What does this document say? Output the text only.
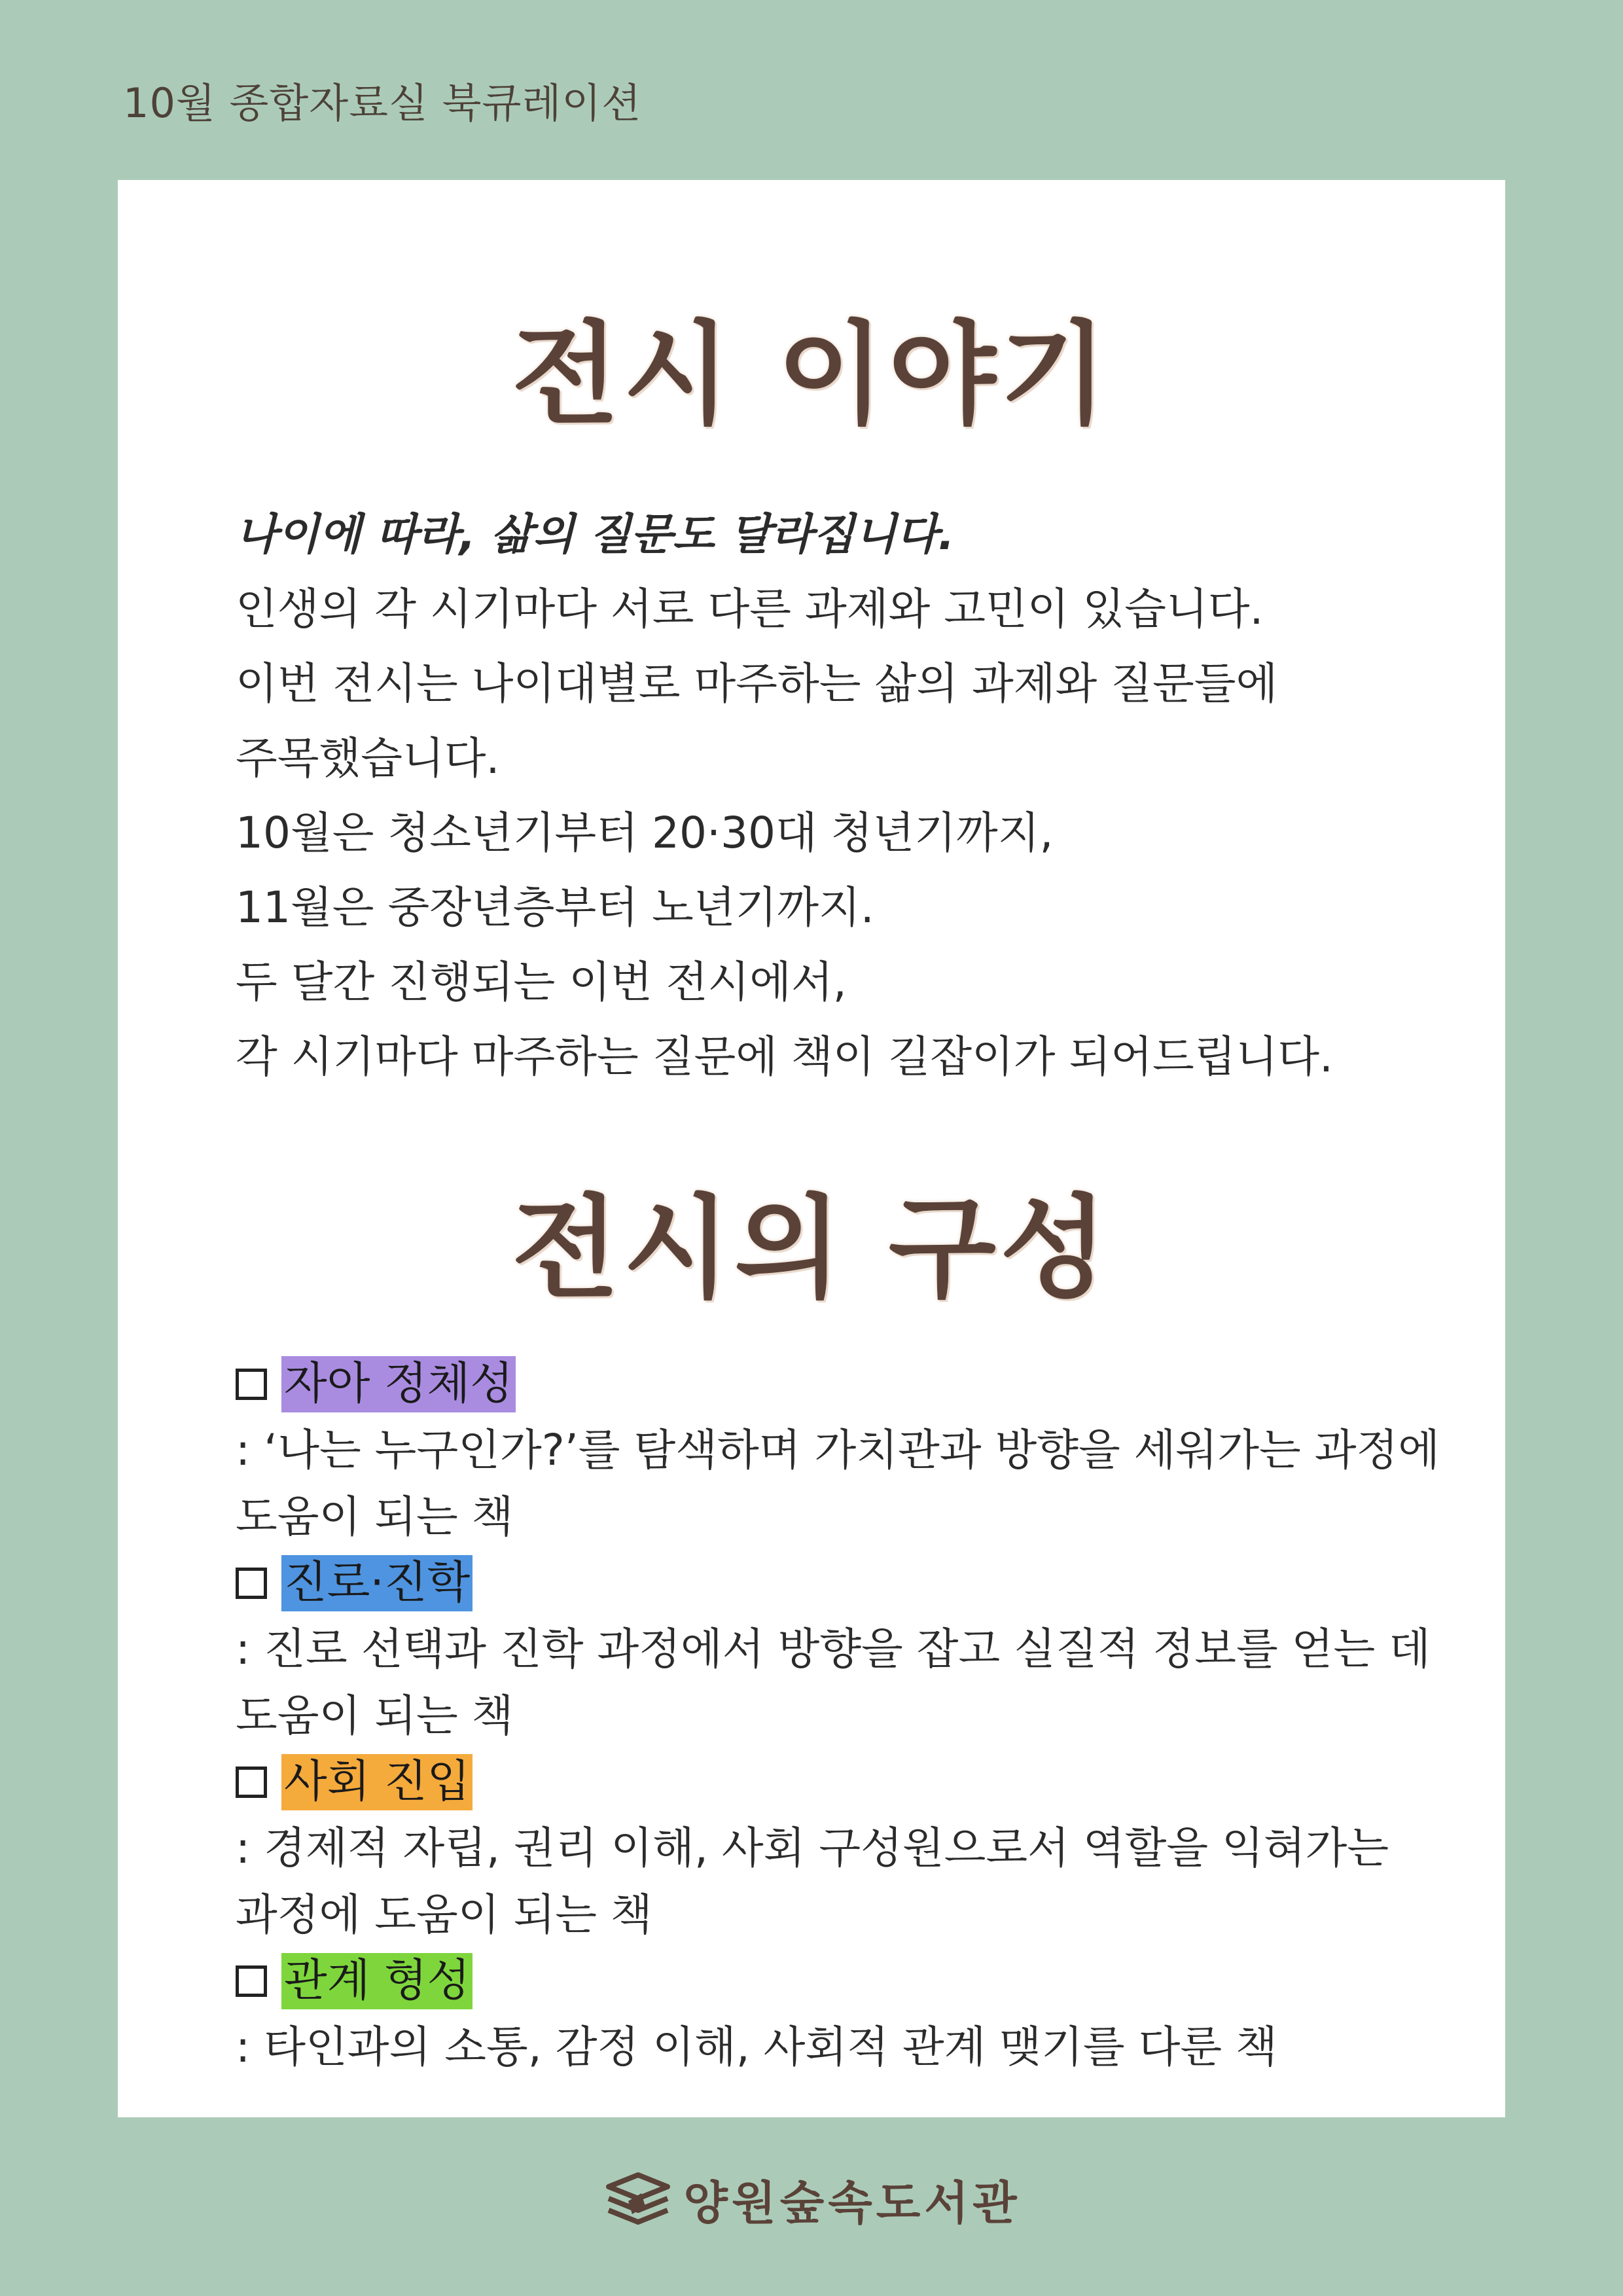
10월 종합자료실 북큐레이션
전시 이야기
나이에 따라, 삶의 질문도 달라집니다.
인생의 각 시기마다 서로 다른 과제와 고민이 있습니다.
이번 전시는 나이대별로 마주하는 삶의 과제와 질문들에
주목했습니다.
10월은 청소년기부터 20·30대 청년기까지,
11월은 중장년층부터 노년기까지.
두 달간 진행되는 이번 전시에서,
각 시기마다 마주하는 질문에 책이 길잡이가 되어드립니다.
전시의 구성
자아 정체성
: ‘나는 누구인가?’를 탐색하며 가치관과 방향을 세워가는 과정에
도움이 되는 책
진로·진학
: 진로 선택과 진학 과정에서 방향을 잡고 실질적 정보를 얻는 데
도움이 되는 책
사회 진입
: 경제적 자립, 권리 이해, 사회 구성원으로서 역할을 익혀가는
과정에 도움이 되는 책
관계 형성
: 타인과의 소통, 감정 이해, 사회적 관계 맺기를 다룬 책
양원숲속도서관
